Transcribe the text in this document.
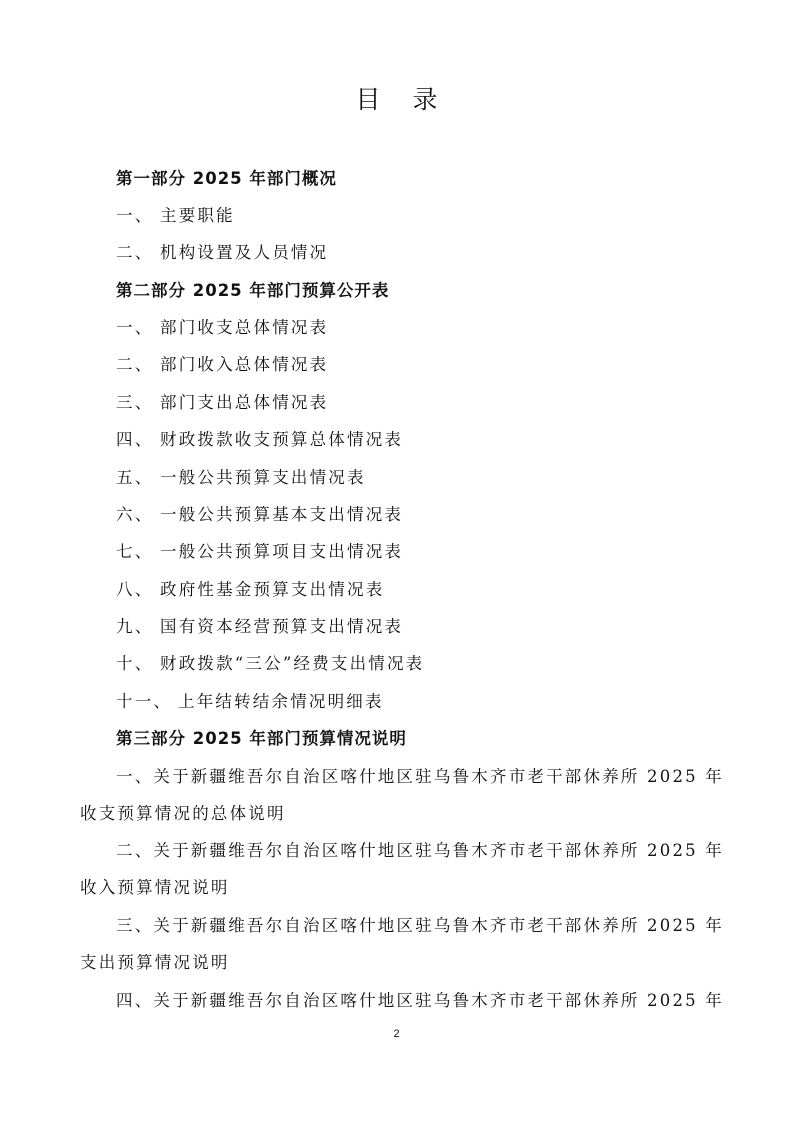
目 录
第一部分 2025 年部门概况
一、 主要职能
二、 机构设置及人员情况
第二部分 2025 年部门预算公开表
一、 部门收支总体情况表
二、 部门收入总体情况表
三、 部门支出总体情况表
四、 财政拨款收支预算总体情况表
五、 一般公共预算支出情况表
六、 一般公共预算基本支出情况表
七、 一般公共预算项目支出情况表
八、 政府性基金预算支出情况表
九、 国有资本经营预算支出情况表
十、 财政拨款“三公”经费支出情况表
十一、 上年结转结余情况明细表
第三部分 2025 年部门预算情况说明
一、关于新疆维吾尔自治区喀什地区驻乌鲁木齐市老干部休养所 2025 年
收支预算情况的总体说明
二、关于新疆维吾尔自治区喀什地区驻乌鲁木齐市老干部休养所 2025 年
收入预算情况说明
三、关于新疆维吾尔自治区喀什地区驻乌鲁木齐市老干部休养所 2025 年
支出预算情况说明
四、关于新疆维吾尔自治区喀什地区驻乌鲁木齐市老干部休养所 2025 年
2
